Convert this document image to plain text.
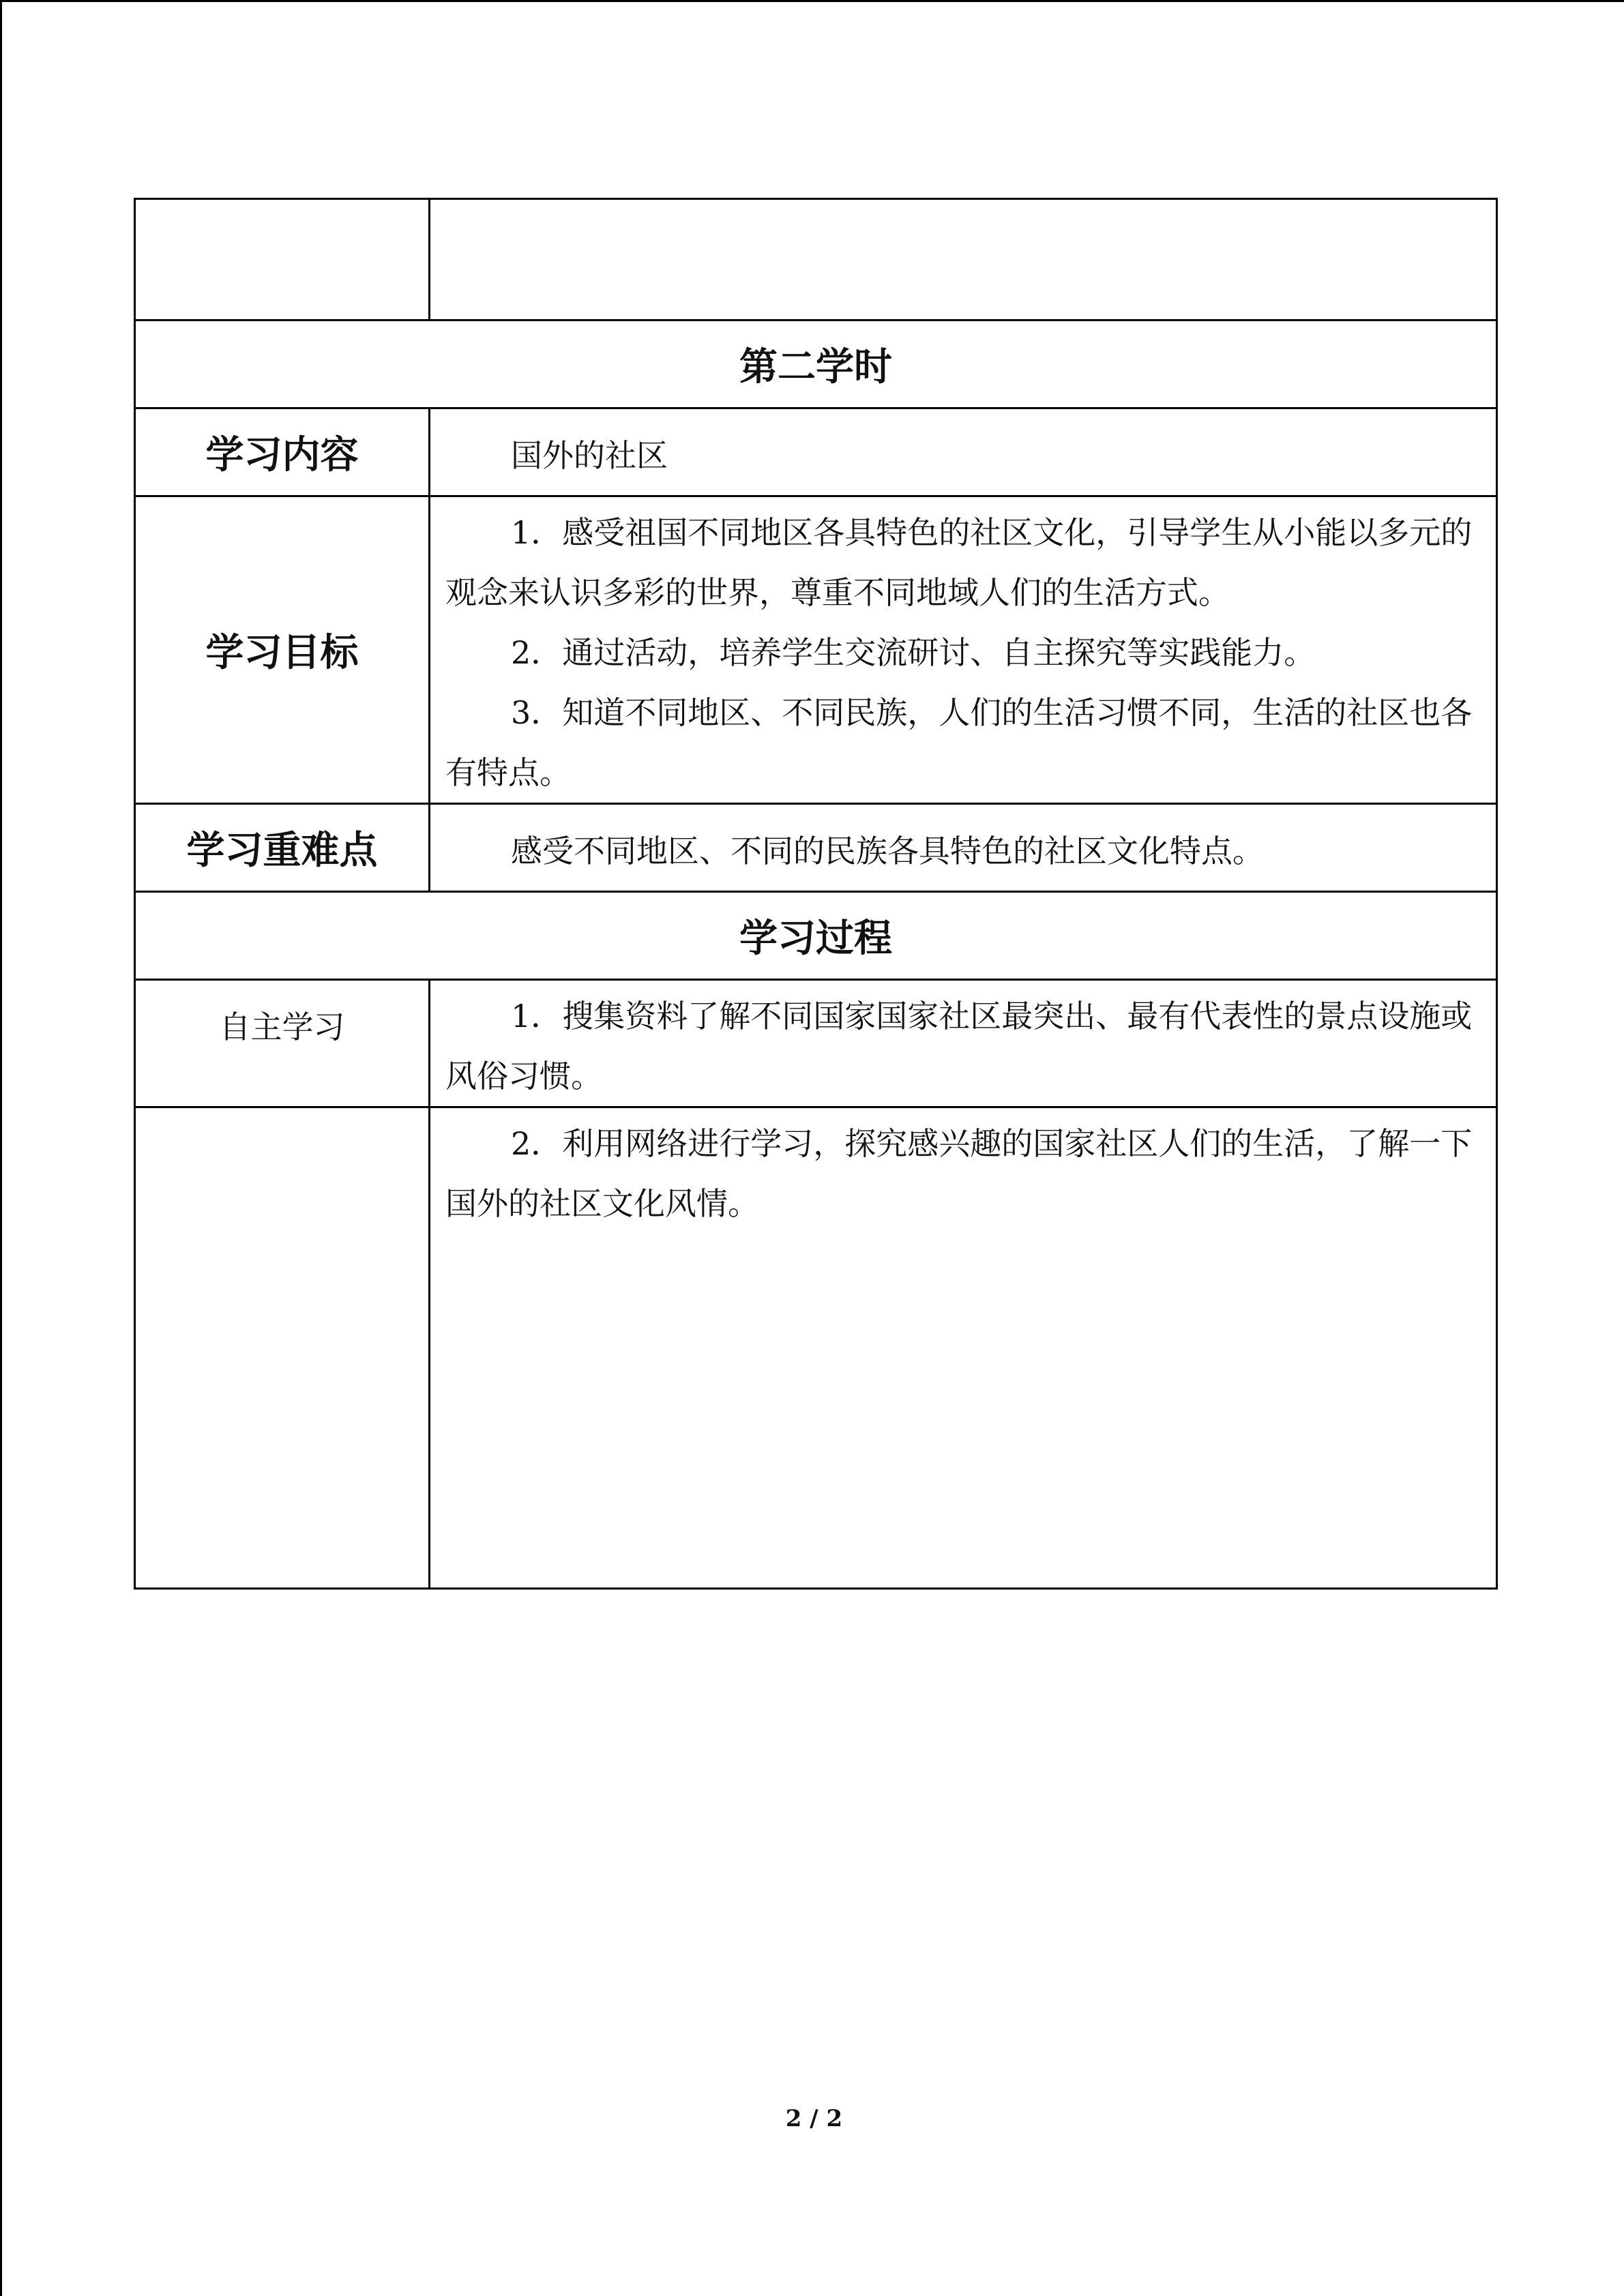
第二学时	
学习内容	国外的社区

学习目标	1．感受祖国不同地区各具特色的社区文化，引导学生从小能以多元的观念来认识多彩的世界，尊重不同地域人们的生活方式。

2．通过活动，培养学生交流研讨、自主探究等实践能力。

3．知道不同地区、不同民族，人们的生活习惯不同，生活的社区也各有特点。

学习重难点	感受不同地区、不同的民族各具特色的社区文化特点。

学习过程	
自主学习	1．搜集资料了解不同国家国家社区最突出、最有代表性的景点设施或风俗习惯。

	2．利用网络进行学习，探究感兴趣的国家社区人们的生活，了解一下国外的社区文化风情。

2 / 2
